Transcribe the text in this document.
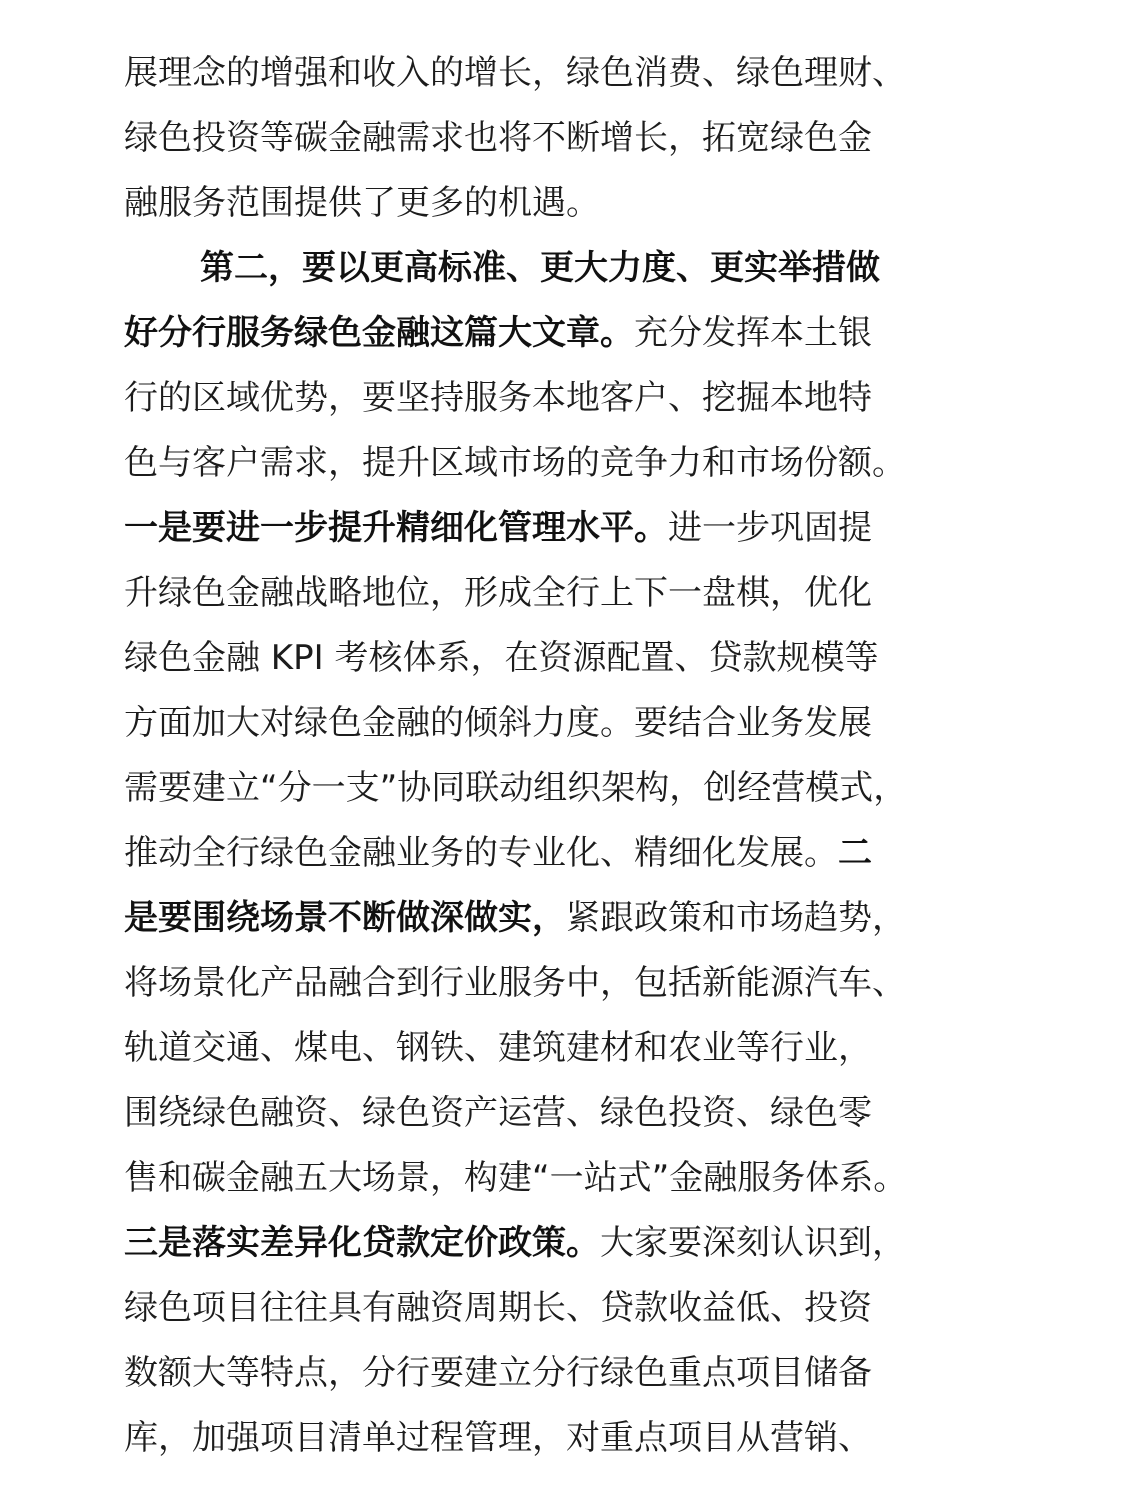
展理念的增强和收入的增长，绿色消费、绿色理财、
绿色投资等碳金融需求也将不断增长，拓宽绿色金
融服务范围提供了更多的机遇。
第二，要以更高标准、更大力度、更实举措做
好分行服务绿色金融这篇大文章。充分发挥本土银
行的区域优势，要坚持服务本地客户、挖掘本地特
色与客户需求，提升区域市场的竞争力和市场份额。
一是要进一步提升精细化管理水平。进一步巩固提
升绿色金融战略地位，形成全行上下一盘棋，优化
绿色金融 KPI 考核体系，在资源配置、贷款规模等
方面加大对绿色金融的倾斜力度。要结合业务发展
需要建立“分一支”协同联动组织架构，创经营模式，
推动全行绿色金融业务的专业化、精细化发展。二
是要围绕场景不断做深做实，紧跟政策和市场趋势，
将场景化产品融合到行业服务中，包括新能源汽车、
轨道交通、煤电、钢铁、建筑建材和农业等行业，
围绕绿色融资、绿色资产运营、绿色投资、绿色零
售和碳金融五大场景，构建“一站式”金融服务体系。
三是落实差异化贷款定价政策。大家要深刻认识到，
绿色项目往往具有融资周期长、贷款收益低、投资
数额大等特点，分行要建立分行绿色重点项目储备
库，加强项目清单过程管理，对重点项目从营销、
